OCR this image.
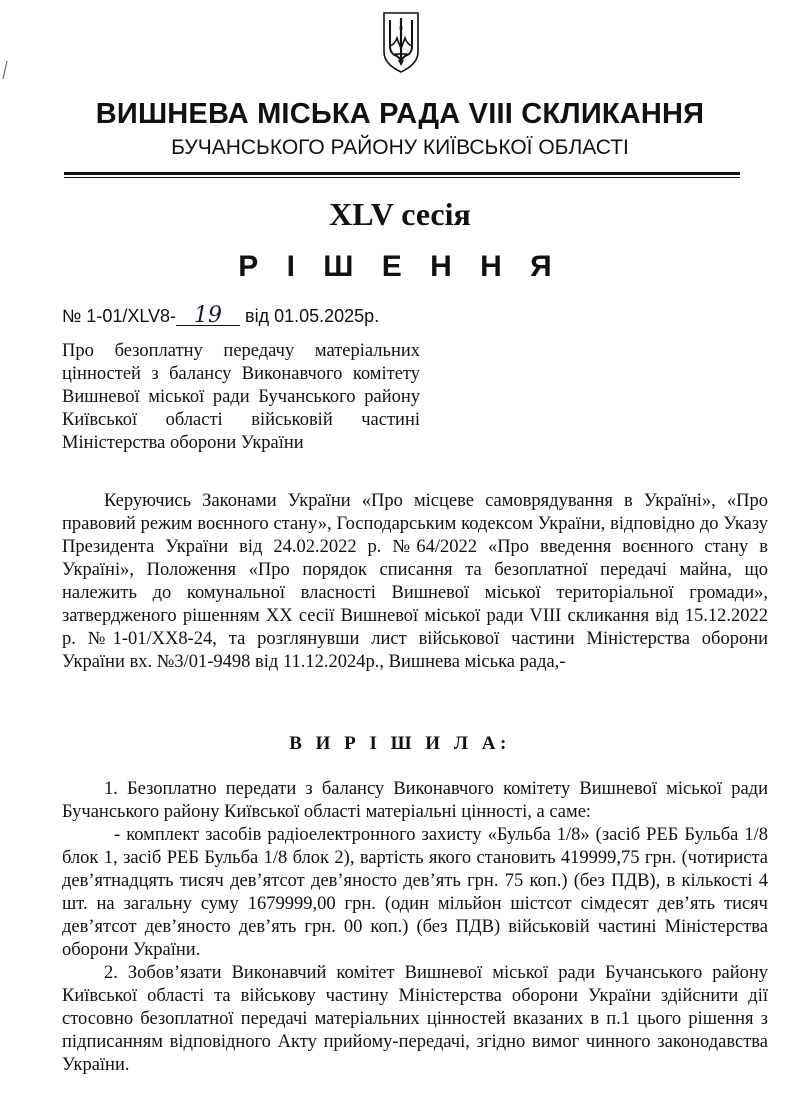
ВИШНЕВА МІСЬКА РАДА VIII СКЛИКАННЯ
БУЧАНСЬКОГО РАЙОНУ КИЇВСЬКОЇ ОБЛАСТІ
XLV сесія
Р І Ш Е Н Н Я
№ 1-01/XLV8- 19 від 01.05.2025р.

Про безоплатну передачу матеріальних цінностей з балансу Виконавчого комітету Вишневої міської ради Бучанського району Київської області військовій частині Міністерства оборони України

Керуючись Законами України «Про місцеве самоврядування в Україні», «Про правовий режим воєнного стану», Господарським кодексом України, відповідно до Указу Президента України від 24.02.2022 р. №64/2022 «Про введення воєнного стану в Україні», Положення «Про порядок списання та безоплатної передачі майна, що належить до комунальної власності Вишневої міської територіальної громади», затвердженого рішенням XX сесії Вишневої міської ради VIII скликання від 15.12.2022 р. №1-01/XX8-24, та розглянувши лист військової частини Міністерства оборони України вх. №3/01-9498 від 11.12.2024р., Вишнева міська рада,-

В И Р І Ш И Л А:

1. Безоплатно передати з балансу Виконавчого комітету Вишневої міської ради Бучанського району Київської області матеріальні цінності, а саме:

- комплект засобів радіоелектронного захисту «Бульба 1/8» (засіб РЕБ Бульба 1/8 блок 1, засіб РЕБ Бульба 1/8 блок 2), вартість якого становить 419999,75 грн. (чотириста дев’ятнадцять тисяч дев’ятсот дев’яносто дев’ять грн. 75 коп.) (без ПДВ), в кількості 4 шт. на загальну суму 1679999,00 грн. (один мільйон шістсот сімдесят дев’ять тисяч дев’ятсот дев’яносто дев’ять грн. 00 коп.) (без ПДВ) військовій частині Міністерства оборони України.

2. Зобов’язати Виконавчий комітет Вишневої міської ради Бучанського району Київської області та військову частину Міністерства оборони України здійснити дії стосовно безоплатної передачі матеріальних цінностей вказаних в п.1 цього рішення з підписанням відповідного Акту прийому-передачі, згідно вимог чинного законодавства України.
